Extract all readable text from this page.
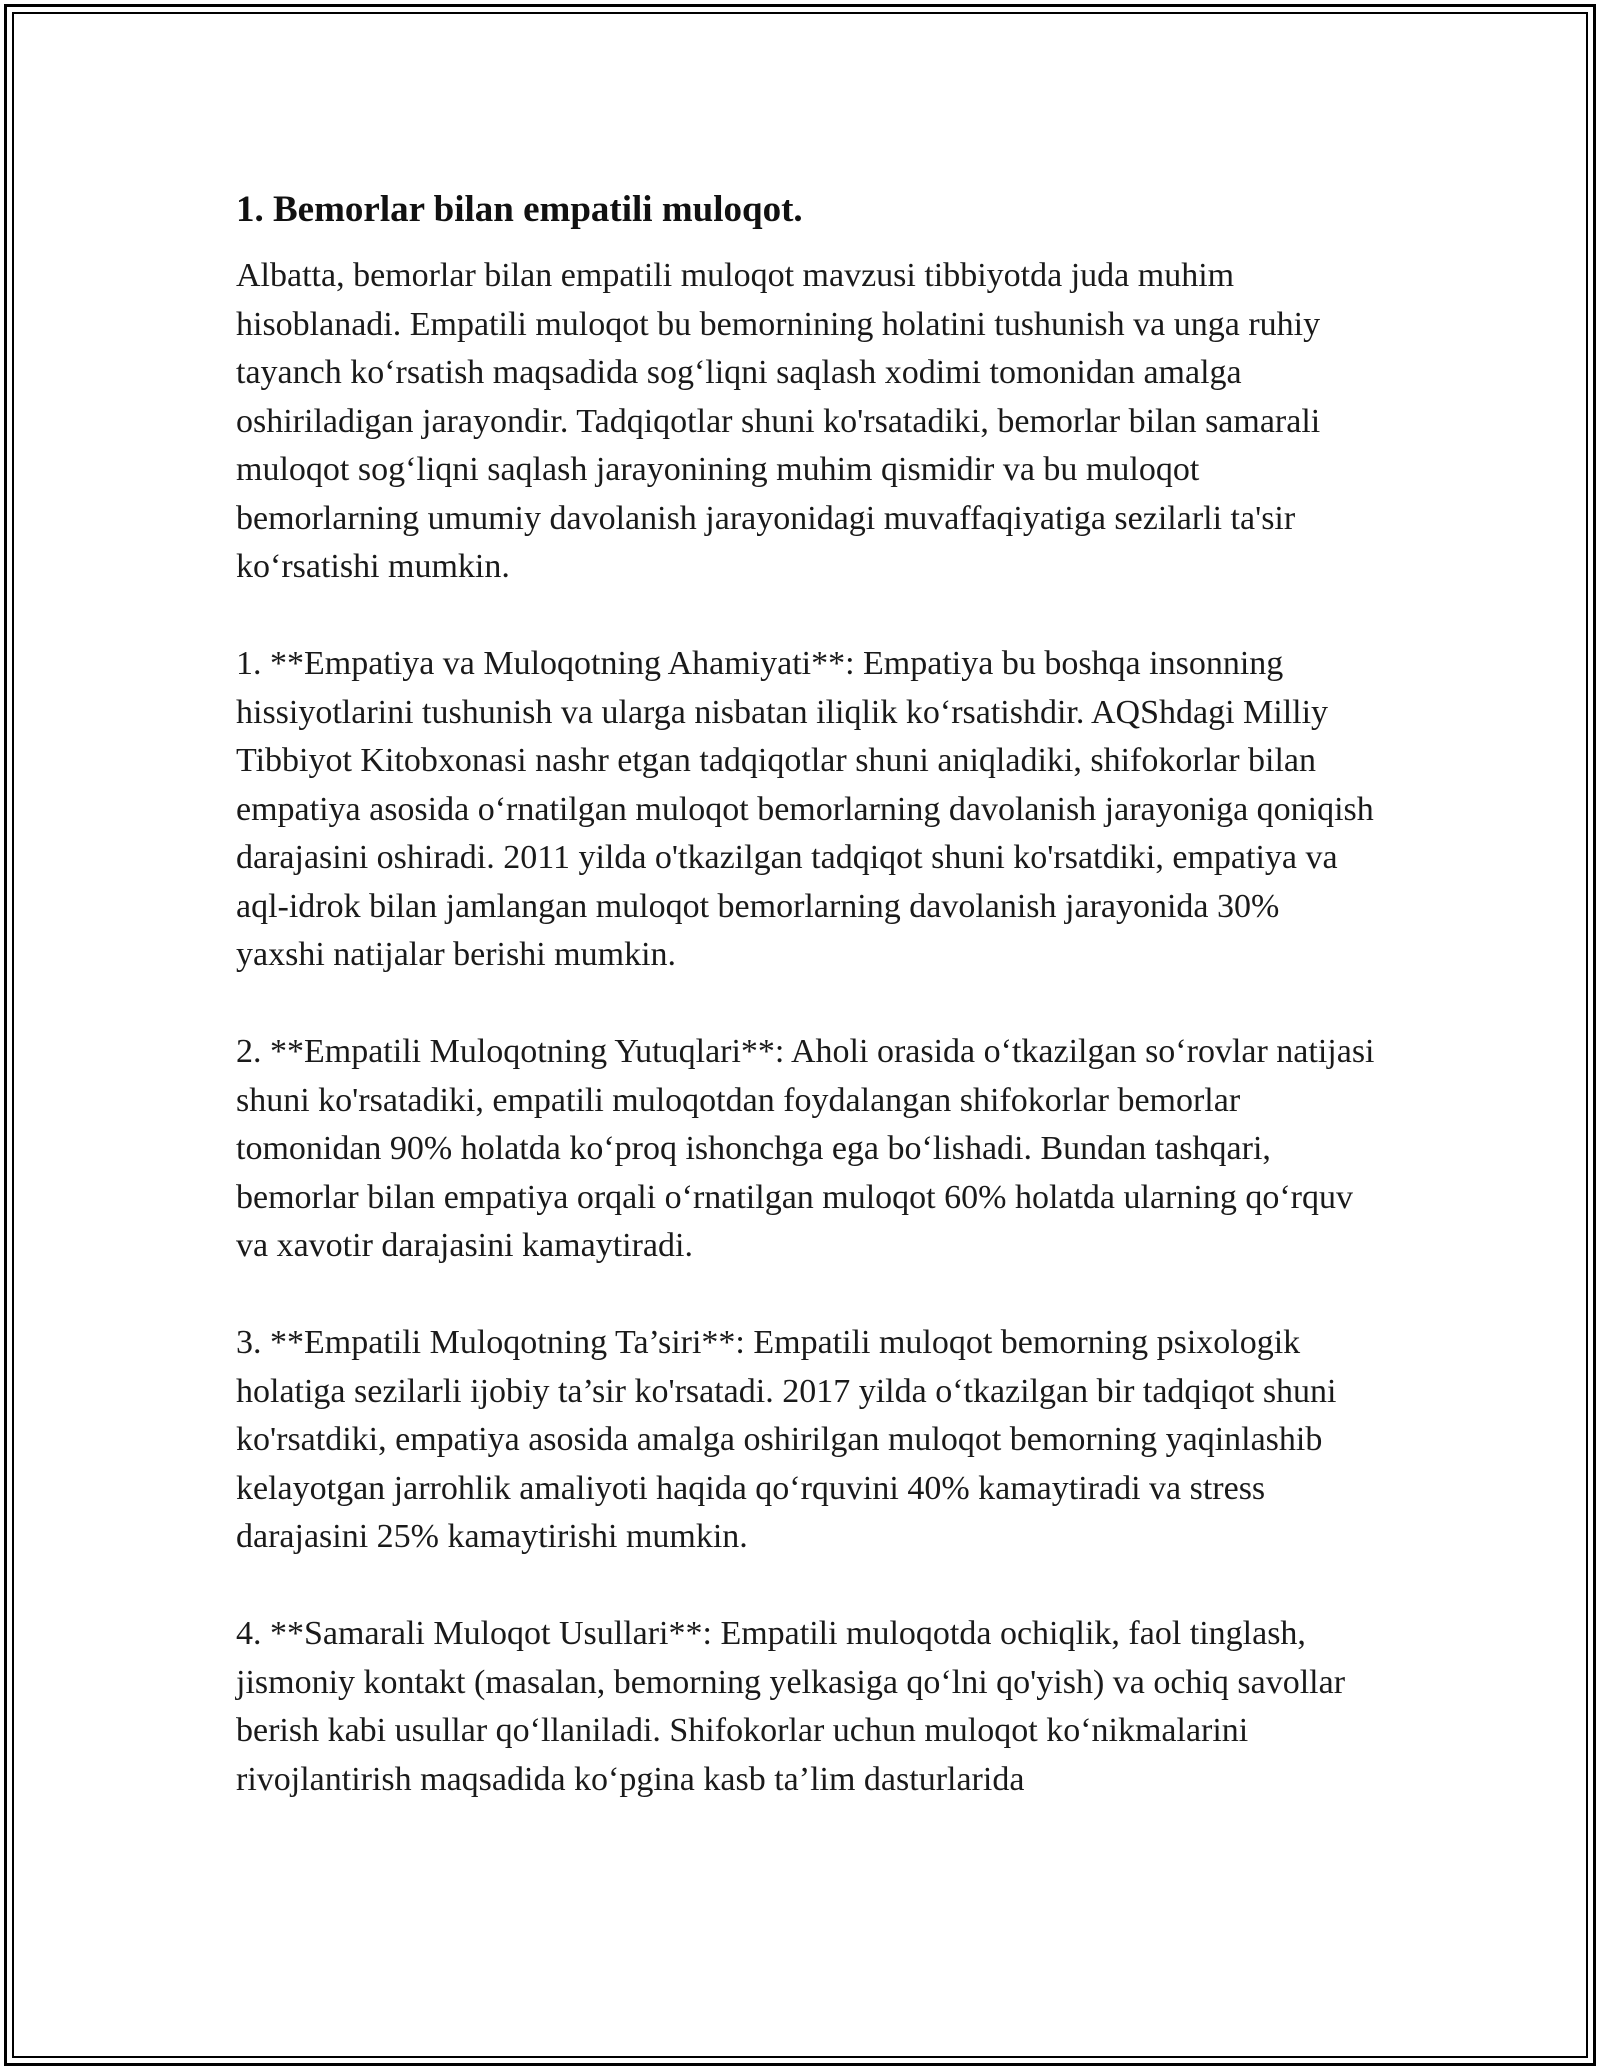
1. Bemorlar bilan empatili muloqot.

Albatta, bemorlar bilan empatili muloqot mavzusi tibbiyotda juda muhim hisoblanadi. Empatili muloqot bu bemornining holatini tushunish va unga ruhiy tayanch ko‘rsatish maqsadida sog‘liqni saqlash xodimi tomonidan amalga oshiriladigan jarayondir. Tadqiqotlar shuni ko'rsatadiki, bemorlar bilan samarali muloqot sog‘liqni saqlash jarayonining muhim qismidir va bu muloqot bemorlarning umumiy davolanish jarayonidagi muvaffaqiyatiga sezilarli ta'sir ko‘rsatishi mumkin.

1. **Empatiya va Muloqotning Ahamiyati**: Empatiya bu boshqa insonning hissiyotlarini tushunish va ularga nisbatan iliqlik ko‘rsatishdir. AQShdagi Milliy Tibbiyot Kitobxonasi nashr etgan tadqiqotlar shuni aniqladiki, shifokorlar bilan empatiya asosida o‘rnatilgan muloqot bemorlarning davolanish jarayoniga qoniqish darajasini oshiradi. 2011 yilda o'tkazilgan tadqiqot shuni ko'rsatdiki, empatiya va aql-idrok bilan jamlangan muloqot bemorlarning davolanish jarayonida 30% yaxshi natijalar berishi mumkin.

2. **Empatili Muloqotning Yutuqlari**: Aholi orasida o‘tkazilgan so‘rovlar natijasi shuni ko'rsatadiki, empatili muloqotdan foydalangan shifokorlar bemorlar tomonidan 90% holatda ko‘proq ishonchga ega bo‘lishadi. Bundan tashqari, bemorlar bilan empatiya orqali o‘rnatilgan muloqot 60% holatda ularning qo‘rquv va xavotir darajasini kamaytiradi.

3. **Empatili Muloqotning Ta’siri**: Empatili muloqot bemorning psixologik holatiga sezilarli ijobiy ta’sir ko'rsatadi. 2017 yilda o‘tkazilgan bir tadqiqot shuni ko'rsatdiki, empatiya asosida amalga oshirilgan muloqot bemorning yaqinlashib kelayotgan jarrohlik amaliyoti haqida qo‘rquvini 40% kamaytiradi va stress darajasini 25% kamaytirishi mumkin.

4. **Samarali Muloqot Usullari**: Empatili muloqotda ochiqlik, faol tinglash, jismoniy kontakt (masalan, bemorning yelkasiga qo‘lni qo'yish) va ochiq savollar berish kabi usullar qo‘llaniladi. Shifokorlar uchun muloqot ko‘nikmalarini rivojlantirish maqsadida ko‘pgina kasb ta’lim dasturlarida
